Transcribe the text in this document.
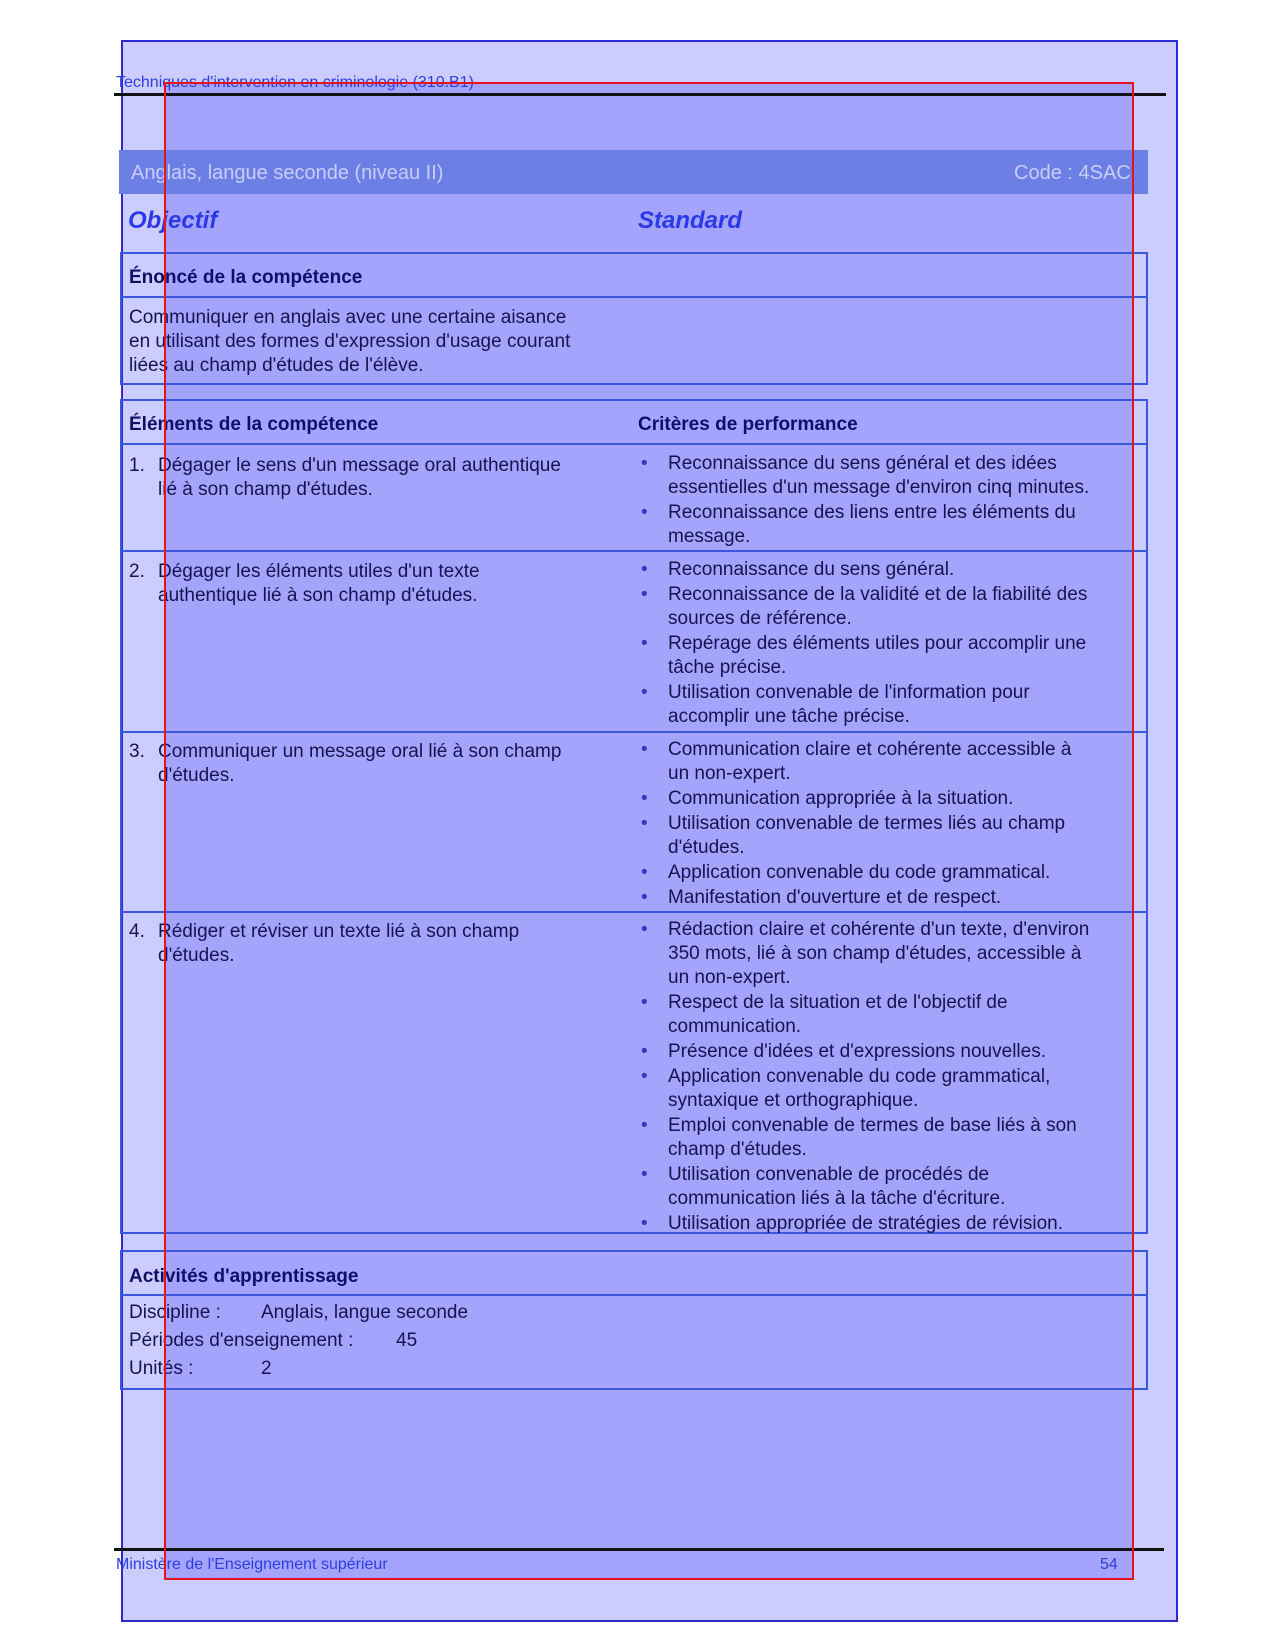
Techniques d'intervention en criminologie (310.B1)
Anglais, langue seconde (niveau II)	Code : 4SAC
Objectif	Standard
Énoncé de la compétence
Communiquer en anglais avec une certaine aisance
en utilisant des formes d'expression d'usage courant
liées au champ d'études de l'élève.
Éléments de la compétence	Critères de performance
1. Dégager le sens d'un message oral authentique
lié à son champ d'études.
• Reconnaissance du sens général et des idées
essentielles d'un message d'environ cinq minutes.
• Reconnaissance des liens entre les éléments du
message.
2. Dégager les éléments utiles d'un texte
authentique lié à son champ d'études.
• Reconnaissance du sens général.
• Reconnaissance de la validité et de la fiabilité des
sources de référence.
• Repérage des éléments utiles pour accomplir une
tâche précise.
• Utilisation convenable de l'information pour
accomplir une tâche précise.
3. Communiquer un message oral lié à son champ
d'études.
• Communication claire et cohérente accessible à
un non-expert.
• Communication appropriée à la situation.
• Utilisation convenable de termes liés au champ
d'études.
• Application convenable du code grammatical.
• Manifestation d'ouverture et de respect.
4. Rédiger et réviser un texte lié à son champ
d'études.
• Rédaction claire et cohérente d'un texte, d'environ
350 mots, lié à son champ d'études, accessible à
un non-expert.
• Respect de la situation et de l'objectif de
communication.
• Présence d'idées et d'expressions nouvelles.
• Application convenable du code grammatical,
syntaxique et orthographique.
• Emploi convenable de termes de base liés à son
champ d'études.
• Utilisation convenable de procédés de
communication liés à la tâche d'écriture.
• Utilisation appropriée de stratégies de révision.
Activités d'apprentissage
Discipline : Anglais, langue seconde
Périodes d'enseignement : 45
Unités :	2
Ministère de l'Enseignement supérieur	54
